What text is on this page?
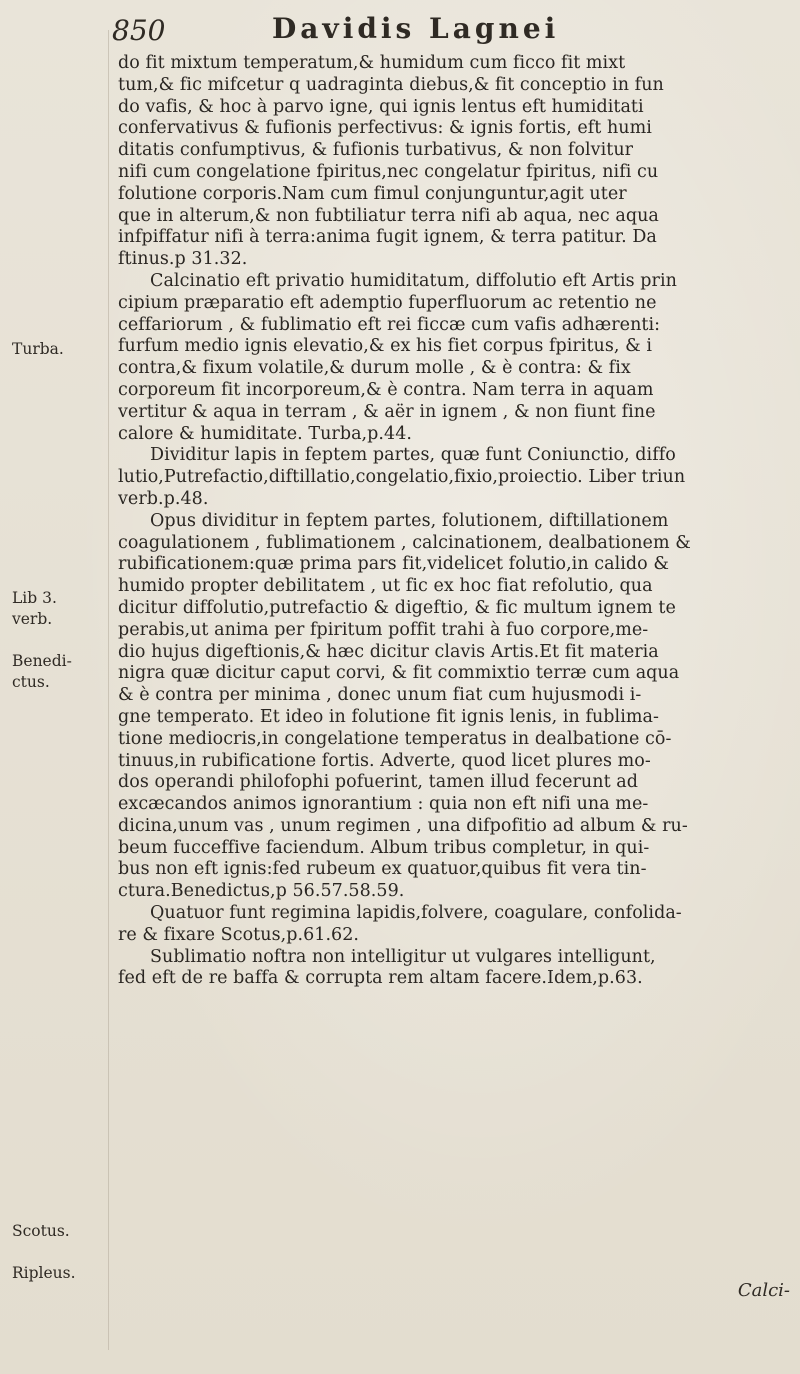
850	Davidis Lagnei
Turba.
Lib 3.
verb.
Benedi-
ctus.
Scotus.
Ripleus.
do fit mixtum temperatum,& humidum cum ficco fit mixt
tum,& fic mifcetur q uadraginta diebus,& fit conceptio in fun
do vafis, & hoc à parvo igne, qui ignis lentus eft humiditati
confervativus & fufionis perfectivus: & ignis fortis, eft humi
ditatis confumptivus, & fufionis turbativus, & non folvitur
nifi cum congelatione fpiritus,nec congelatur fpiritus, nifi cu
folutione corporis.Nam cum fimul conjunguntur,agit uter
que in alterum,& non fubtiliatur terra nifi ab aqua, nec aqua
infpiffatur nifi à terra:anima fugit ignem, & terra patitur. Da
ftinus.p 31.32.
Calcinatio eft privatio humiditatum, diffolutio eft Artis prin
cipium præparatio eft ademptio fuperfluorum ac retentio ne
ceffariorum , & fublimatio eft rei ficcæ cum vafis adhærenti:
furfum medio ignis elevatio,& ex his fiet corpus fpiritus, & i
contra,& fixum volatile,& durum molle , & è contra: & fix
corporeum fit incorporeum,& è contra. Nam terra in aquam
vertitur & aqua in terram , & aër in ignem , & non fiunt fine
calore & humiditate. Turba,p.44.
Dividitur lapis in feptem partes, quæ funt Coniunctio, diffo
lutio,Putrefactio,diftillatio,congelatio,fixio,proiectio. Liber triun
verb.p.48.
Opus dividitur in feptem partes, folutionem, diftillationem
coagulationem , fublimationem , calcinationem, dealbationem &
rubificationem:quæ prima pars fit,videlicet folutio,in calido &
humido propter debilitatem , ut fic ex hoc fiat refolutio, qua
dicitur diffolutio,putrefactio & digeftio, & fic multum ignem te
perabis,ut anima per fpiritum poffit trahi à fuo corpore,me-
dio hujus digeftionis,& hæc dicitur clavis Artis.Et fit materia
nigra quæ dicitur caput corvi, & fit commixtio terræ cum aqua
& è contra per minima , donec unum fiat cum hujusmodi i-
gne temperato. Et ideo in folutione fit ignis lenis, in fublima-
tione mediocris,in congelatione temperatus in dealbatione cō-
tinuus,in rubificatione fortis. Adverte, quod licet plures mo-
dos operandi philofophi pofuerint, tamen illud fecerunt ad
excæcandos animos ignorantium : quia non eft nifi una me-
dicina,unum vas , unum regimen , una difpofitio ad album & ru-
beum fucceffive faciendum. Album tribus completur, in qui-
bus non eft ignis:fed rubeum ex quatuor,quibus fit vera tin-
ctura.Benedictus,p 56.57.58.59.
Quatuor funt regimina lapidis,folvere, coagulare, confolida-
re & fixare Scotus,p.61.62.
Sublimatio noftra non intelligitur ut vulgares intelligunt,
fed eft de re baffa & corrupta rem altam facere.Idem,p.63.
Calci-
